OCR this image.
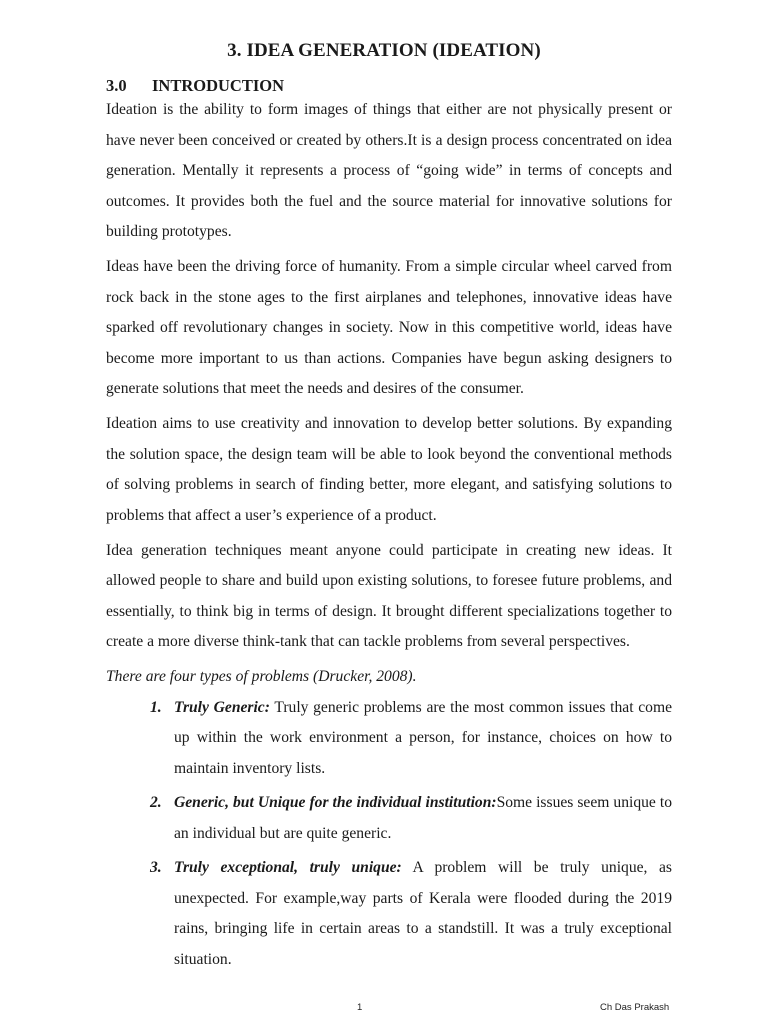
3. IDEA GENERATION (IDEATION)
3.0 INTRODUCTION

Ideation is the ability to form images of things that either are not physically present or have never been conceived or created by others.It is a design process concentrated on idea generation. Mentally it represents a process of “going wide” in terms of concepts and outcomes. It provides both the fuel and the source material for innovative solutions for building prototypes.

Ideas have been the driving force of humanity. From a simple circular wheel carved from rock back in the stone ages to the first airplanes and telephones, innovative ideas have sparked off revolutionary changes in society. Now in this competitive world, ideas have become more important to us than actions. Companies have begun asking designers to generate solutions that meet the needs and desires of the consumer.

Ideation aims to use creativity and innovation to develop better solutions. By expanding the solution space, the design team will be able to look beyond the conventional methods of solving problems in search of finding better, more elegant, and satisfying solutions to problems that affect a user’s experience of a product.

Idea generation techniques meant anyone could participate in creating new ideas. It allowed people to share and build upon existing solutions, to foresee future problems, and essentially, to think big in terms of design. It brought different specializations together to create a more diverse think-tank that can tackle problems from several perspectives.

There are four types of problems (Drucker, 2008).

1. Truly Generic: Truly generic problems are the most common issues that come up within the work environment a person, for instance, choices on how to maintain inventory lists.
2. Generic, but Unique for the individual institution:Some issues seem unique to an individual but are quite generic.
3. Truly exceptional, truly unique: A problem will be truly unique, as unexpected. For example,way parts of Kerala were flooded during the 2019 rains, bringing life in certain areas to a standstill. It was a truly exceptional situation.
1	Ch Das Prakash
